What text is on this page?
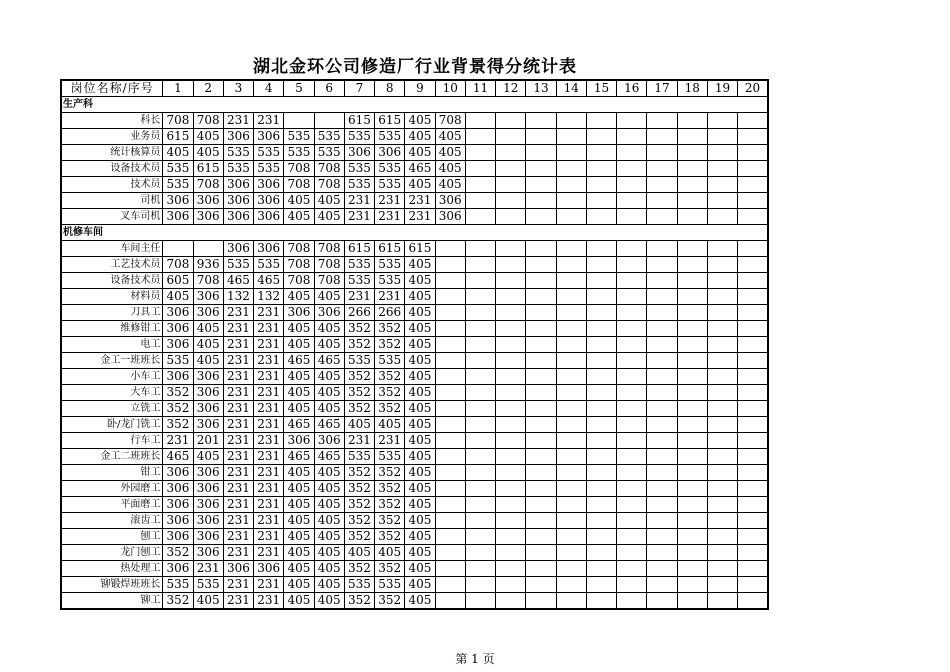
湖北金环公司修造厂行业背景得分统计表
岗位名称/序号	1	2	3	4	5	6	7	8	9	10	11	12	13	14	15	16	17	18	19	20
生产科																				
科长	708	708	231	231			615	615	405	708										
业务员	615	405	306	306	535	535	535	535	405	405										
统计核算员	405	405	535	535	535	535	306	306	405	405										
设备技术员	535	615	535	535	708	708	535	535	465	405										
技术员	535	708	306	306	708	708	535	535	405	405										
司机	306	306	306	306	405	405	231	231	231	306										
叉车司机	306	306	306	306	405	405	231	231	231	306										
机修车间																				
车间主任			306	306	708	708	615	615	615											
工艺技术员	708	936	535	535	708	708	535	535	405											
设备技术员	605	708	465	465	708	708	535	535	405											
材料员	405	306	132	132	405	405	231	231	405											
刀具工	306	306	231	231	306	306	266	266	405											
维修钳工	306	405	231	231	405	405	352	352	405											
电工	306	405	231	231	405	405	352	352	405											
金工一班班长	535	405	231	231	465	465	535	535	405											
小车工	306	306	231	231	405	405	352	352	405											
大车工	352	306	231	231	405	405	352	352	405											
立铣工	352	306	231	231	405	405	352	352	405											
卧/龙门铣工	352	306	231	231	465	465	405	405	405											
行车工	231	201	231	231	306	306	231	231	405											
金工二班班长	465	405	231	231	465	465	535	535	405											
钳工	306	306	231	231	405	405	352	352	405											
外园磨工	306	306	231	231	405	405	352	352	405											
平面磨工	306	306	231	231	405	405	352	352	405											
滚齿工	306	306	231	231	405	405	352	352	405											
刨工	306	306	231	231	405	405	352	352	405											
龙门刨工	352	306	231	231	405	405	405	405	405											
热处理工	306	231	306	306	405	405	352	352	405											
铆锻焊班班长	535	535	231	231	405	405	535	535	405											
铆工	352	405	231	231	405	405	352	352	405											
第 1 页
